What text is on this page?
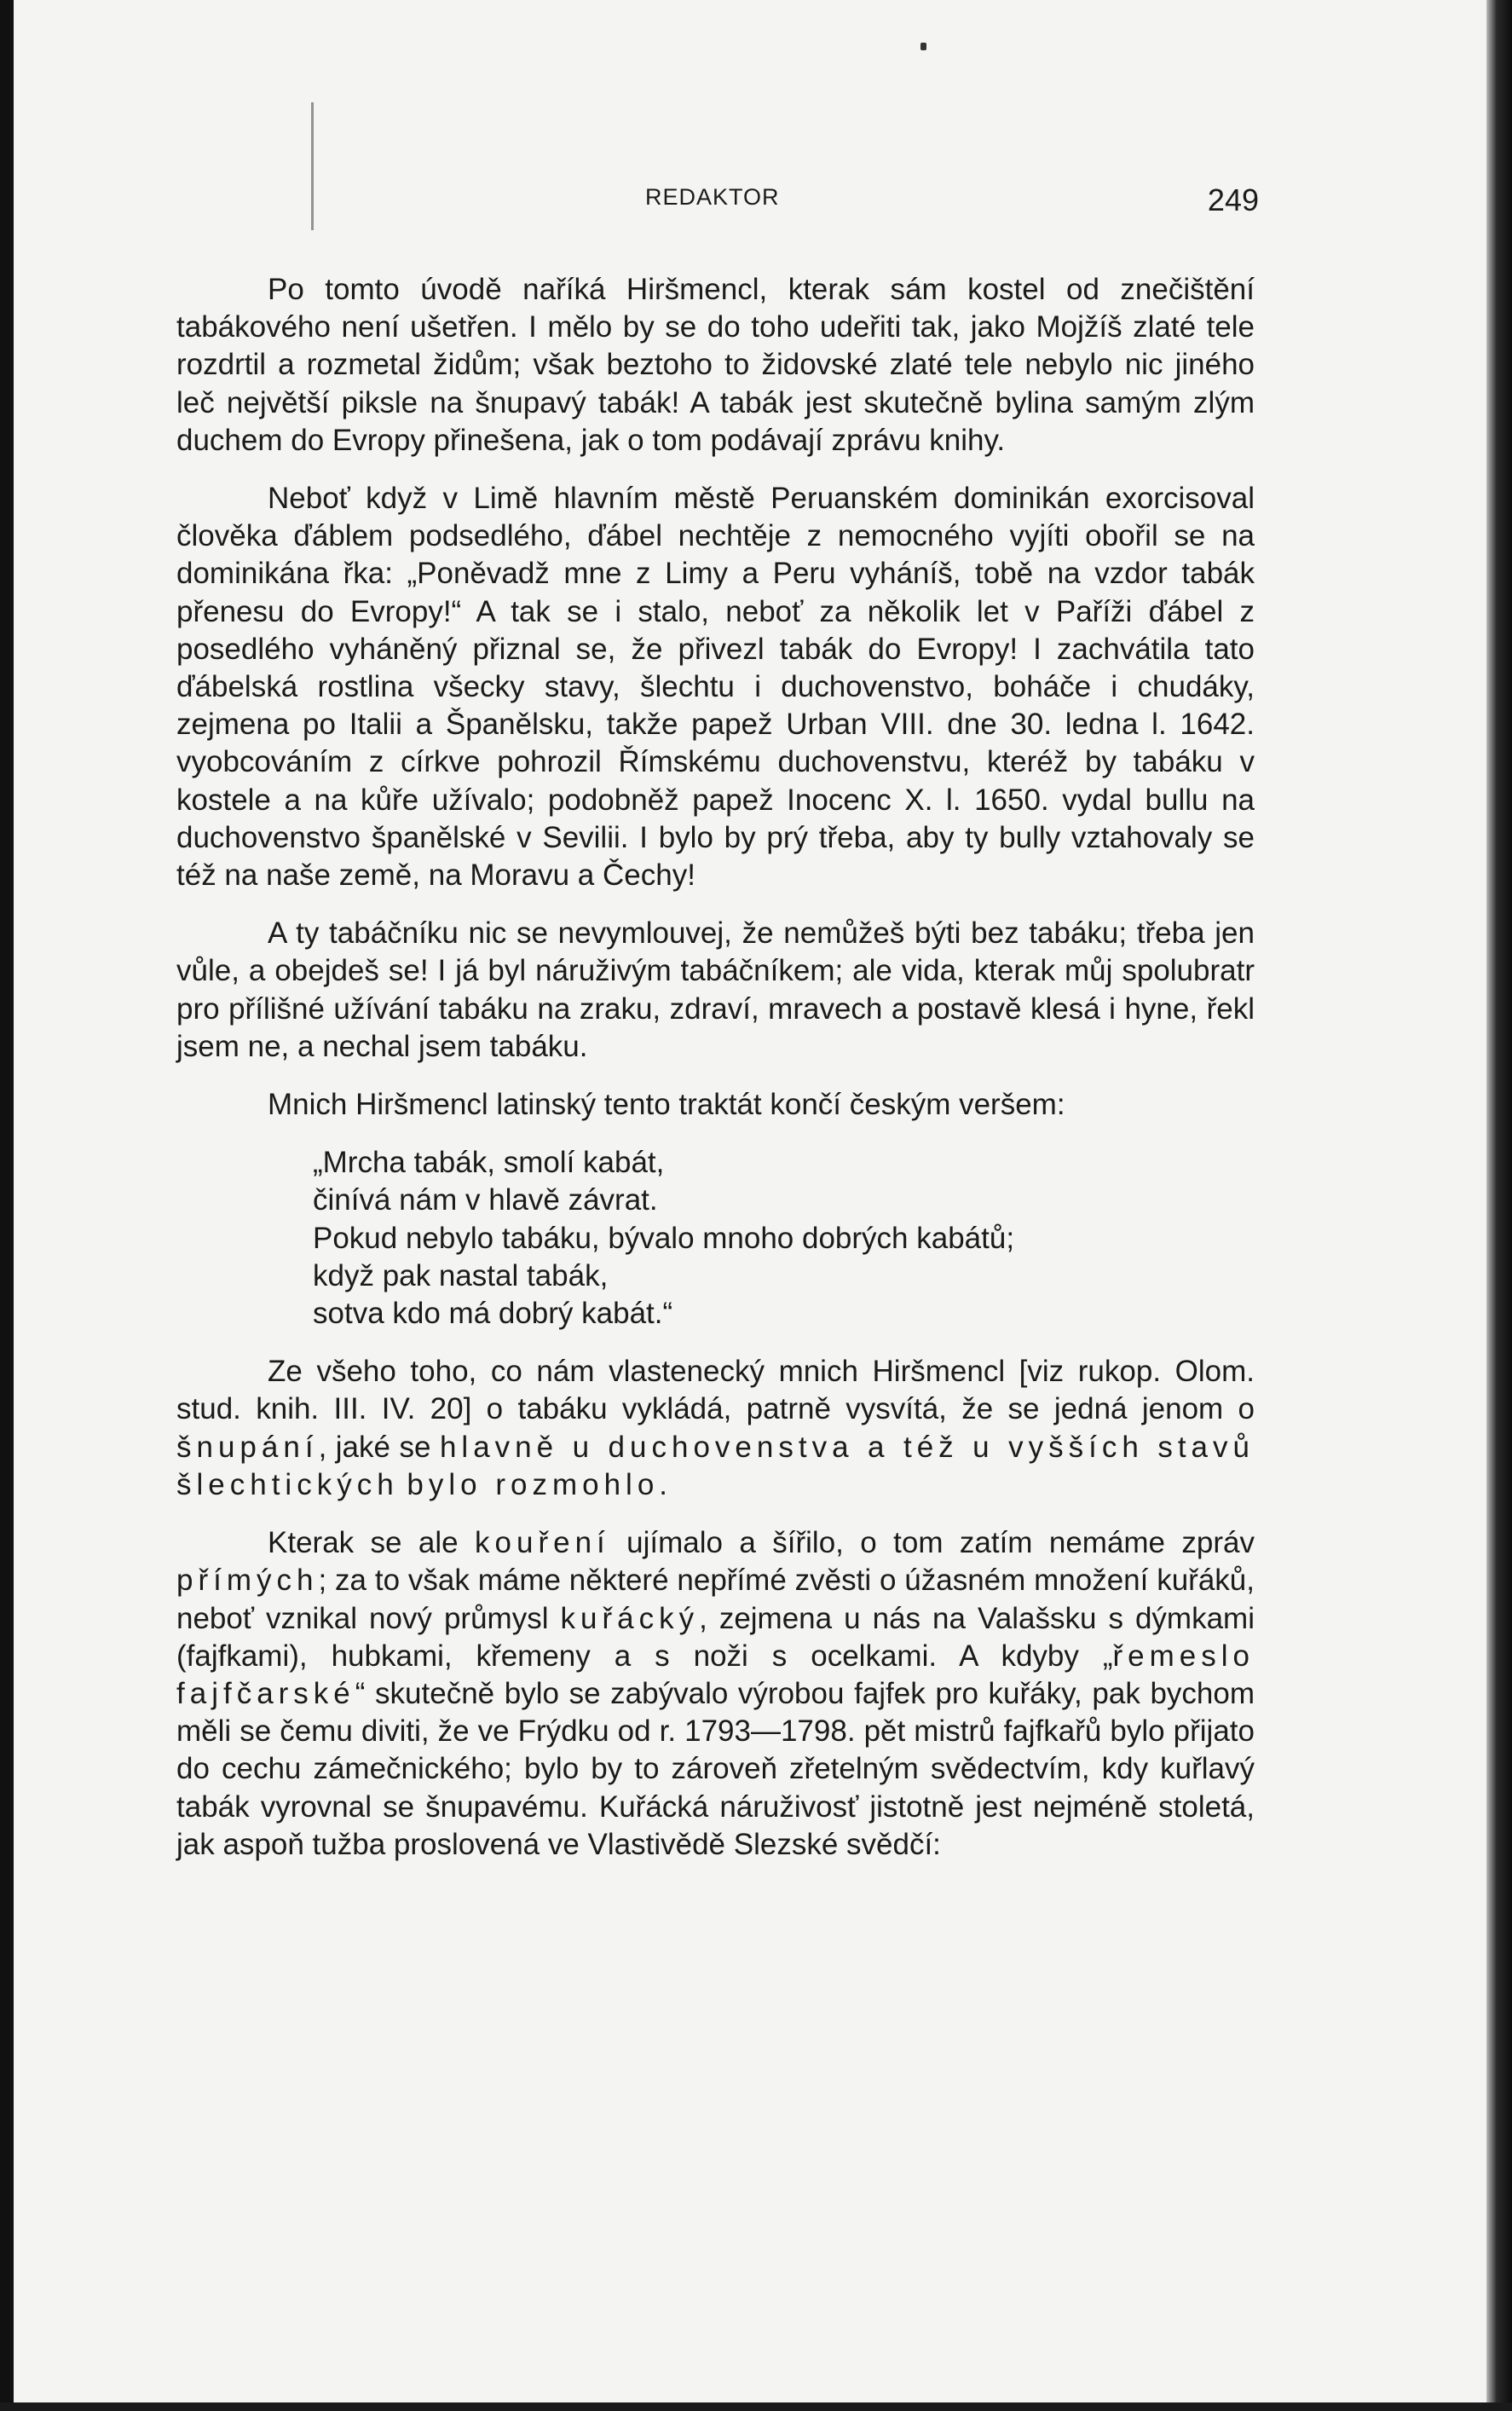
REDAKTOR	249

Po tomto úvodě naříká Hiršmencl, kterak sám kostel od znečištění tabákového není ušetřen. I mělo by se do toho udeřiti tak, jako Mojžíš zlaté tele rozdrtil a rozmetal židům; však beztoho to židovské zlaté tele nebylo nic jiného leč největší piksle na šnupavý tabák! A tabák jest skutečně bylina samým zlým duchem do Evropy přinešena, jak o tom podávají zprávu knihy.

Neboť když v Limě hlavním městě Peruanském dominikán exorcisoval člověka ďáblem podsedlého, ďábel nechtěje z nemocného vyjíti obořil se na dominikána řka: „Poněvadž mne z Limy a Peru vyháníš, tobě na vzdor tabák přenesu do Evropy!“ A tak se i stalo, neboť za několik let v Paříži ďábel z posedlého vyháněný přiznal se, že přivezl tabák do Evropy! I zachvátila tato ďábelská rostlina všecky stavy, šlechtu i duchovenstvo, boháče i chudáky, zejmena po Italii a Španělsku, takže papež Urban VIII. dne 30. ledna l. 1642. vyobcováním z církve pohrozil Římskému duchovenstvu, kteréž by tabáku v kostele a na kůře užívalo; podobněž papež Inocenc X. l. 1650. vydal bullu na duchovenstvo španělské v Sevilii. I bylo by prý třeba, aby ty bully vztahovaly se též na naše země, na Moravu a Čechy!

A ty tabáčníku nic se nevymlouvej, že nemůžeš býti bez tabáku; třeba jen vůle, a obejdeš se! I já byl náruživým tabáčníkem; ale vida, kterak můj spolubratr pro přílišné užívání tabáku na zraku, zdraví, mravech a postavě klesá i hyne, řekl jsem ne, a nechal jsem tabáku.

Mnich Hiršmencl latinský tento traktát končí českým veršem:

„Mrcha tabák, smolí kabát,
činívá nám v hlavě závrat.
Pokud nebylo tabáku, bývalo mnoho dobrých kabátů;
když pak nastal tabák,
sotva kdo má dobrý kabát.“

Ze všeho toho, co nám vlastenecký mnich Hiršmencl [viz rukop. Olom. stud. knih. III. IV. 20] o tabáku vykládá, patrně vysvítá, že se jedná jenom o šnupání, jaké se hlavně u duchovenstva a též u vyšších stavů šlechtických bylo rozmohlo.

Kterak se ale kouření ujímalo a šířilo, o tom zatím nemáme zpráv přímých; za to však máme některé nepřímé zvěsti o úžasném množení kuřáků, neboť vznikal nový průmysl kuřácký, zejmena u nás na Valašsku s dýmkami (fajfkami), hubkami, křemeny a s noži s ocelkami. A kdyby „řemeslo fajfčarské“ skutečně bylo se zabývalo výrobou fajfek pro kuřáky, pak bychom měli se čemu diviti, že ve Frýdku od r. 1793—1798. pět mistrů fajfkařů bylo přijato do cechu zámečnického; bylo by to zároveň zřetelným svědectvím, kdy kuřlavý tabák vyrovnal se šnupavému. Kuřácká náruživosť jistotně jest nejméně stoletá, jak aspoň tužba proslovená ve Vlastivědě Slezské svědčí:
